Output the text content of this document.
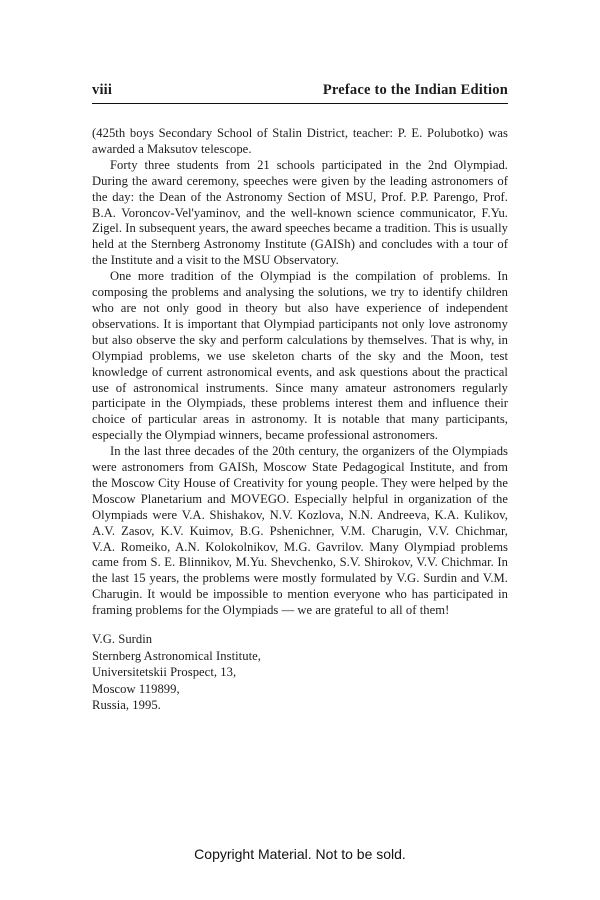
viii	Preface to the Indian Edition

(425th boys Secondary School of Stalin District, teacher: P. E. Polubotko) was awarded a Maksutov telescope.

Forty three students from 21 schools participated in the 2nd Olympiad. During the award ceremony, speeches were given by the leading astronomers of the day: the Dean of the Astronomy Section of MSU, Prof. P.P. Parengo, Prof. B.A. Voroncov-Vel'yaminov, and the well-known science communicator, F.Yu. Zigel. In subsequent years, the award speeches became a tradition. This is usually held at the Sternberg Astronomy Institute (GAISh) and concludes with a tour of the Institute and a visit to the MSU Observatory.

One more tradition of the Olympiad is the compilation of problems. In composing the problems and analysing the solutions, we try to identify children who are not only good in theory but also have experience of independent observations. It is important that Olympiad participants not only love astronomy but also observe the sky and perform calculations by themselves. That is why, in Olympiad problems, we use skeleton charts of the sky and the Moon, test knowledge of current astronomical events, and ask questions about the practical use of astronomical instruments. Since many amateur astronomers regularly participate in the Olympiads, these problems interest them and influence their choice of particular areas in astronomy. It is notable that many participants, especially the Olympiad winners, became professional astronomers.

In the last three decades of the 20th century, the organizers of the Olympiads were astronomers from GAISh, Moscow State Pedagogical Institute, and from the Moscow City House of Creativity for young people. They were helped by the Moscow Planetarium and MOVEGO. Especially helpful in organization of the Olympiads were V.A. Shishakov, N.V. Kozlova, N.N. Andreeva, K.A. Kulikov, A.V. Zasov, K.V. Kuimov, B.G. Pshenichner, V.M. Charugin, V.V. Chichmar, V.A. Romeiko, A.N. Kolokolnikov, M.G. Gavrilov. Many Olympiad problems came from S. E. Blinnikov, M.Yu. Shevchenko, S.V. Shirokov, V.V. Chichmar. In the last 15 years, the problems were mostly formulated by V.G. Surdin and V.M. Charugin. It would be impossible to mention everyone who has participated in framing problems for the Olympiads — we are grateful to all of them!

V.G. Surdin
Sternberg Astronomical Institute,
Universitetskii Prospect, 13,
Moscow 119899,
Russia, 1995.
Copyright Material. Not to be sold.
